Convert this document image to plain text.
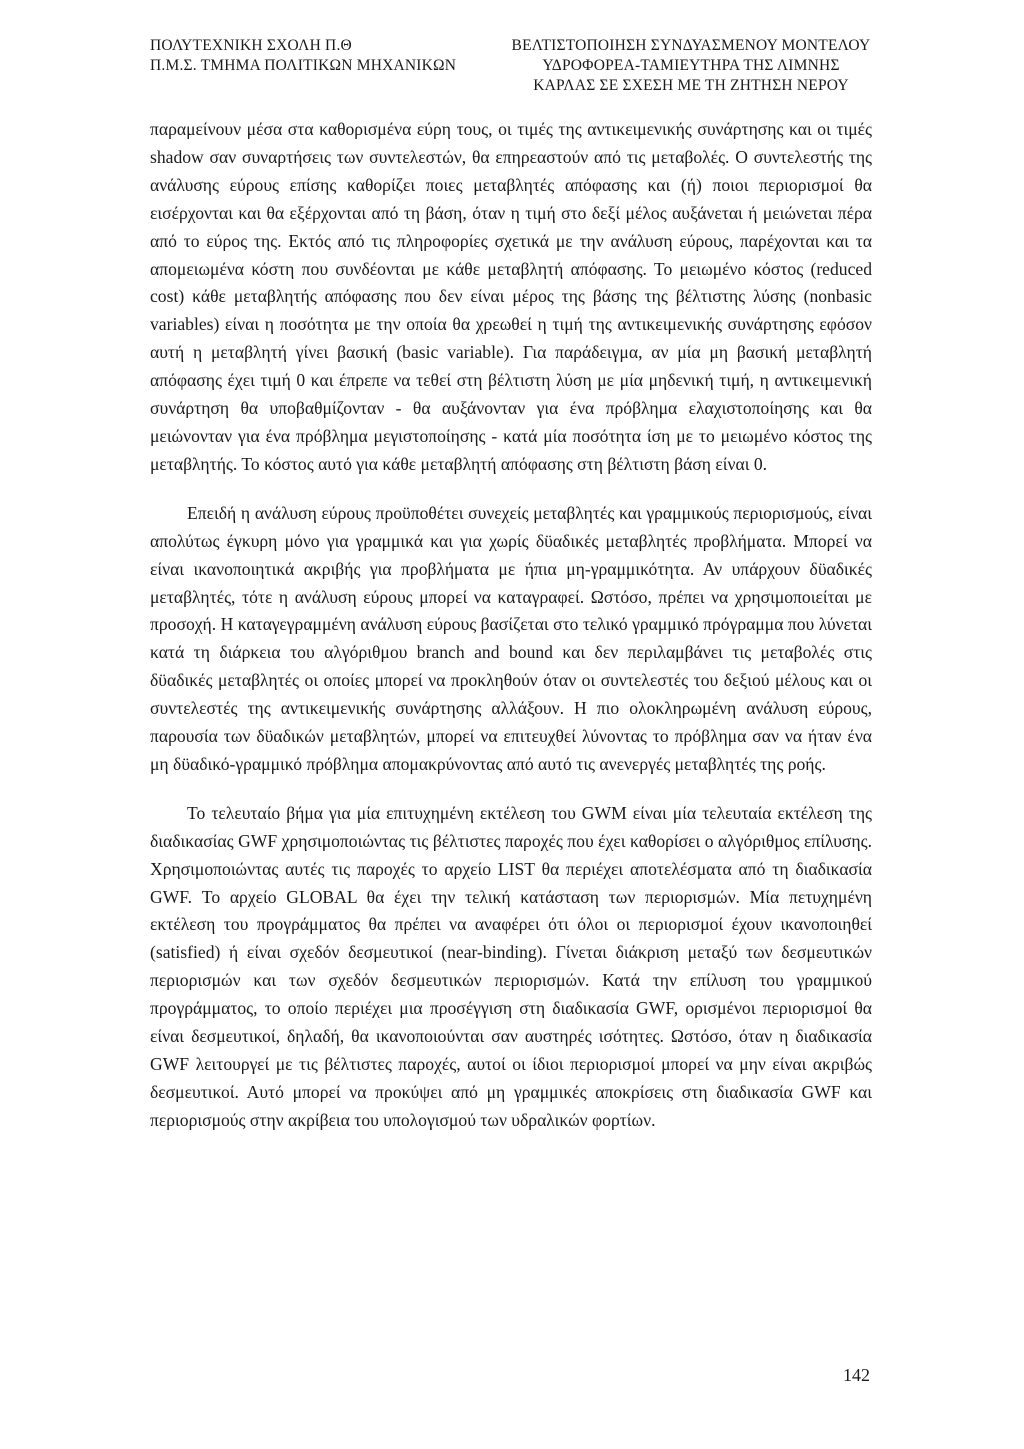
ΠΟΛΥΤΕΧΝΙΚΗ ΣΧΟΛΗ Π.Θ
Π.Μ.Σ. ΤΜΗΜΑ ΠΟΛΙΤΙΚΩΝ ΜΗΧΑΝΙΚΩΝ
ΒΕΛΤΙΣΤΟΠΟΙΗΣΗ ΣΥΝΔΥΑΣΜΕΝΟΥ ΜΟΝΤΕΛΟΥ
ΥΔΡΟΦΟΡΕΑ-ΤΑΜΙΕΥΤΗΡΑ ΤΗΣ ΛΙΜΝΗΣ
ΚΑΡΛΑΣ ΣΕ ΣΧΕΣΗ ΜΕ ΤΗ ΖΗΤΗΣΗ ΝΕΡΟΥ

παραμείνουν μέσα στα καθορισμένα εύρη τους, οι τιμές της αντικειμενικής συνάρτησης και οι τιμές shadow σαν συναρτήσεις των συντελεστών, θα επηρεαστούν από τις μεταβολές. Ο συντελεστής της ανάλυσης εύρους επίσης καθορίζει ποιες μεταβλητές απόφασης και (ή) ποιοι περιορισμοί θα εισέρχονται και θα εξέρχονται από τη βάση, όταν η τιμή στο δεξί μέλος αυξάνεται ή μειώνεται πέρα από το εύρος της. Εκτός από τις πληροφορίες σχετικά με την ανάλυση εύρους, παρέχονται και τα απομειωμένα κόστη που συνδέονται με κάθε μεταβλητή απόφασης. Το μειωμένο κόστος (reduced cost) κάθε μεταβλητής απόφασης που δεν είναι μέρος της βάσης της βέλτιστης λύσης (nonbasic variables) είναι η ποσότητα με την οποία θα χρεωθεί η τιμή της αντικειμενικής συνάρτησης εφόσον αυτή η μεταβλητή γίνει βασική (basic variable). Για παράδειγμα, αν μία μη βασική μεταβλητή απόφασης έχει τιμή 0 και έπρεπε να τεθεί στη βέλτιστη λύση με μία μηδενική τιμή, η αντικειμενική συνάρτηση θα υποβαθμίζονταν - θα αυξάνονταν για ένα πρόβλημα ελαχιστοποίησης και θα μειώνονταν για ένα πρόβλημα μεγιστοποίησης - κατά μία ποσότητα ίση με το μειωμένο κόστος της μεταβλητής. Το κόστος αυτό για κάθε μεταβλητή απόφασης στη βέλτιστη βάση είναι 0.

Επειδή η ανάλυση εύρους προϋποθέτει συνεχείς μεταβλητές και γραμμικούς περιορισμούς, είναι απολύτως έγκυρη μόνο για γραμμικά και για χωρίς δϋαδικές μεταβλητές προβλήματα. Μπορεί να είναι ικανοποιητικά ακριβής για προβλήματα με ήπια μη-γραμμικότητα. Αν υπάρχουν δϋαδικές μεταβλητές, τότε η ανάλυση εύρους μπορεί να καταγραφεί. Ωστόσο, πρέπει να χρησιμοποιείται με προσοχή. Η καταγεγραμμένη ανάλυση εύρους βασίζεται στο τελικό γραμμικό πρόγραμμα που λύνεται κατά τη διάρκεια του αλγόριθμου branch and bound και δεν περιλαμβάνει τις μεταβολές στις δϋαδικές μεταβλητές οι οποίες μπορεί να προκληθούν όταν οι συντελεστές του δεξιού μέλους και οι συντελεστές της αντικειμενικής συνάρτησης αλλάξουν. Η πιο ολοκληρωμένη ανάλυση εύρους, παρουσία των δϋαδικών μεταβλητών, μπορεί να επιτευχθεί λύνοντας το πρόβλημα σαν να ήταν ένα μη δϋαδικό-γραμμικό πρόβλημα απομακρύνοντας από αυτό τις ανενεργές μεταβλητές της ροής.

Το τελευταίο βήμα για μία επιτυχημένη εκτέλεση του GWM είναι μία τελευταία εκτέλεση της διαδικασίας GWF χρησιμοποιώντας τις βέλτιστες παροχές που έχει καθορίσει ο αλγόριθμος επίλυσης. Χρησιμοποιώντας αυτές τις παροχές το αρχείο LIST θα περιέχει αποτελέσματα από τη διαδικασία GWF. Το αρχείο GLOBAL θα έχει την τελική κατάσταση των περιορισμών. Μία πετυχημένη εκτέλεση του προγράμματος θα πρέπει να αναφέρει ότι όλοι οι περιορισμοί έχουν ικανοποιηθεί (satisfied) ή είναι σχεδόν δεσμευτικοί (near-binding). Γίνεται διάκριση μεταξύ των δεσμευτικών περιορισμών και των σχεδόν δεσμευτικών περιορισμών. Κατά την επίλυση του γραμμικού προγράμματος, το οποίο περιέχει μια προσέγγιση στη διαδικασία GWF, ορισμένοι περιορισμοί θα είναι δεσμευτικοί, δηλαδή, θα ικανοποιούνται σαν αυστηρές ισότητες. Ωστόσο, όταν η διαδικασία GWF λειτουργεί με τις βέλτιστες παροχές, αυτοί οι ίδιοι περιορισμοί μπορεί να μην είναι ακριβώς δεσμευτικοί. Αυτό μπορεί να προκύψει από μη γραμμικές αποκρίσεις στη διαδικασία GWF και περιορισμούς στην ακρίβεια του υπολογισμού των υδραλικών φορτίων.

142
